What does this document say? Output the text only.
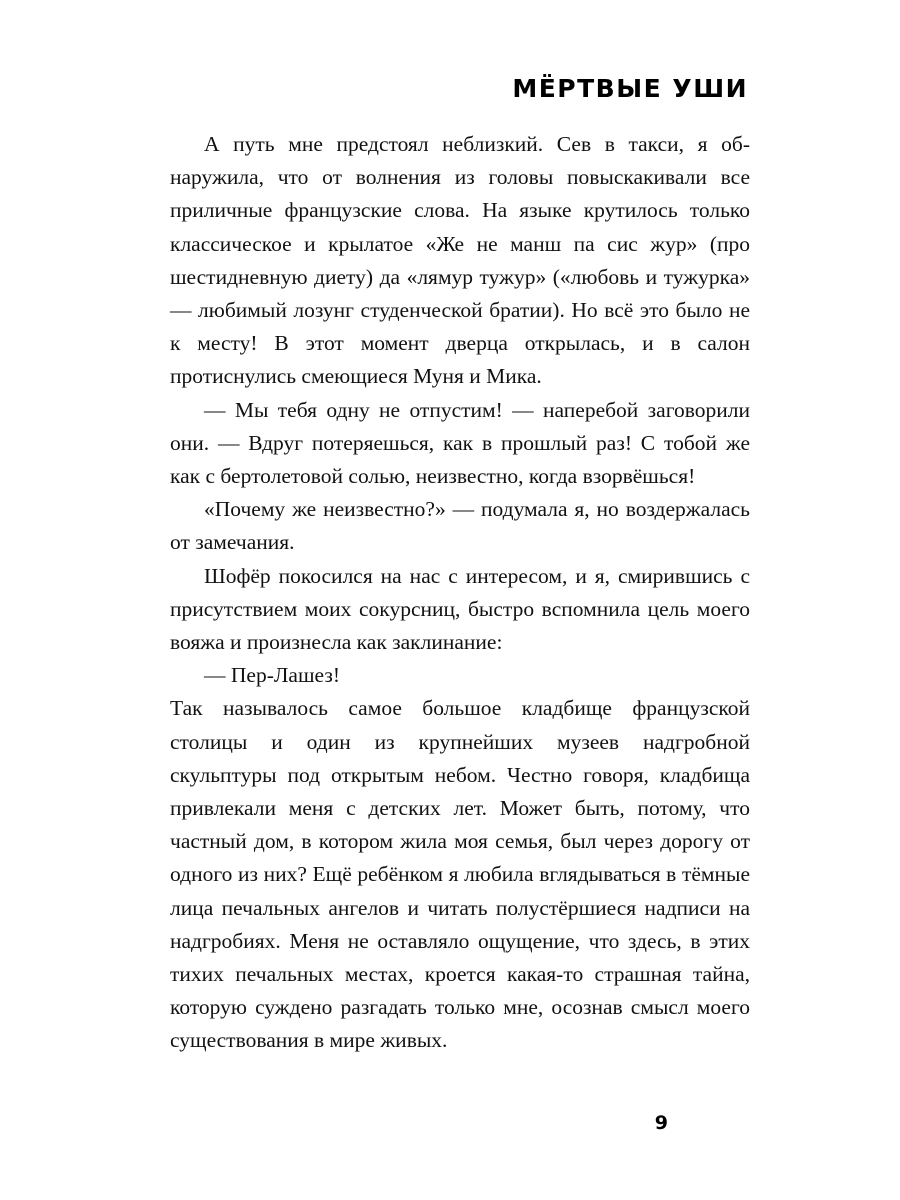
МЁРТВЫЕ УШИ

А путь мне предстоял неблизкий. Сев в такси, я обнаружила, что от волнения из головы повыскакивали все приличные французские слова. На языке крутилось только классическое и крылатое «Же не манш па сис жур» (про шестидневную диету) да «лямур тужур» («любовь и тужурка» — любимый лозунг студенческой братии). Но всё это было не к месту! В этот момент дверца открылась, и в салон протиснулись смеющиеся Муня и Мика.

— Мы тебя одну не отпустим! — наперебой заговорили они. — Вдруг потеряешься, как в прошлый раз! С тобой же как с бертолетовой солью, неизвестно, когда взорвёшься!

«Почему же неизвестно?» — подумала я, но воздержалась от замечания.

Шофёр покосился на нас с интересом, и я, смирившись с присутствием моих сокурсниц, быстро вспомнила цель моего вояжа и произнесла как заклинание:

— Пер-Лашез!

Так называлось самое большое кладбище французской столицы и один из крупнейших музеев надгробной скульптуры под открытым небом. Честно говоря, кладбища привлекали меня с детских лет. Может быть, потому, что частный дом, в котором жила моя семья, был через дорогу от одного из них? Ещё ребёнком я любила вглядываться в тёмные лица печальных ангелов и читать полустёршиеся надписи на надгробиях. Меня не оставляло ощущение, что здесь, в этих тихих печальных местах, кроется какая-то страшная тайна, которую суждено разгадать только мне, осознав смысл моего существования в мире живых.

9
